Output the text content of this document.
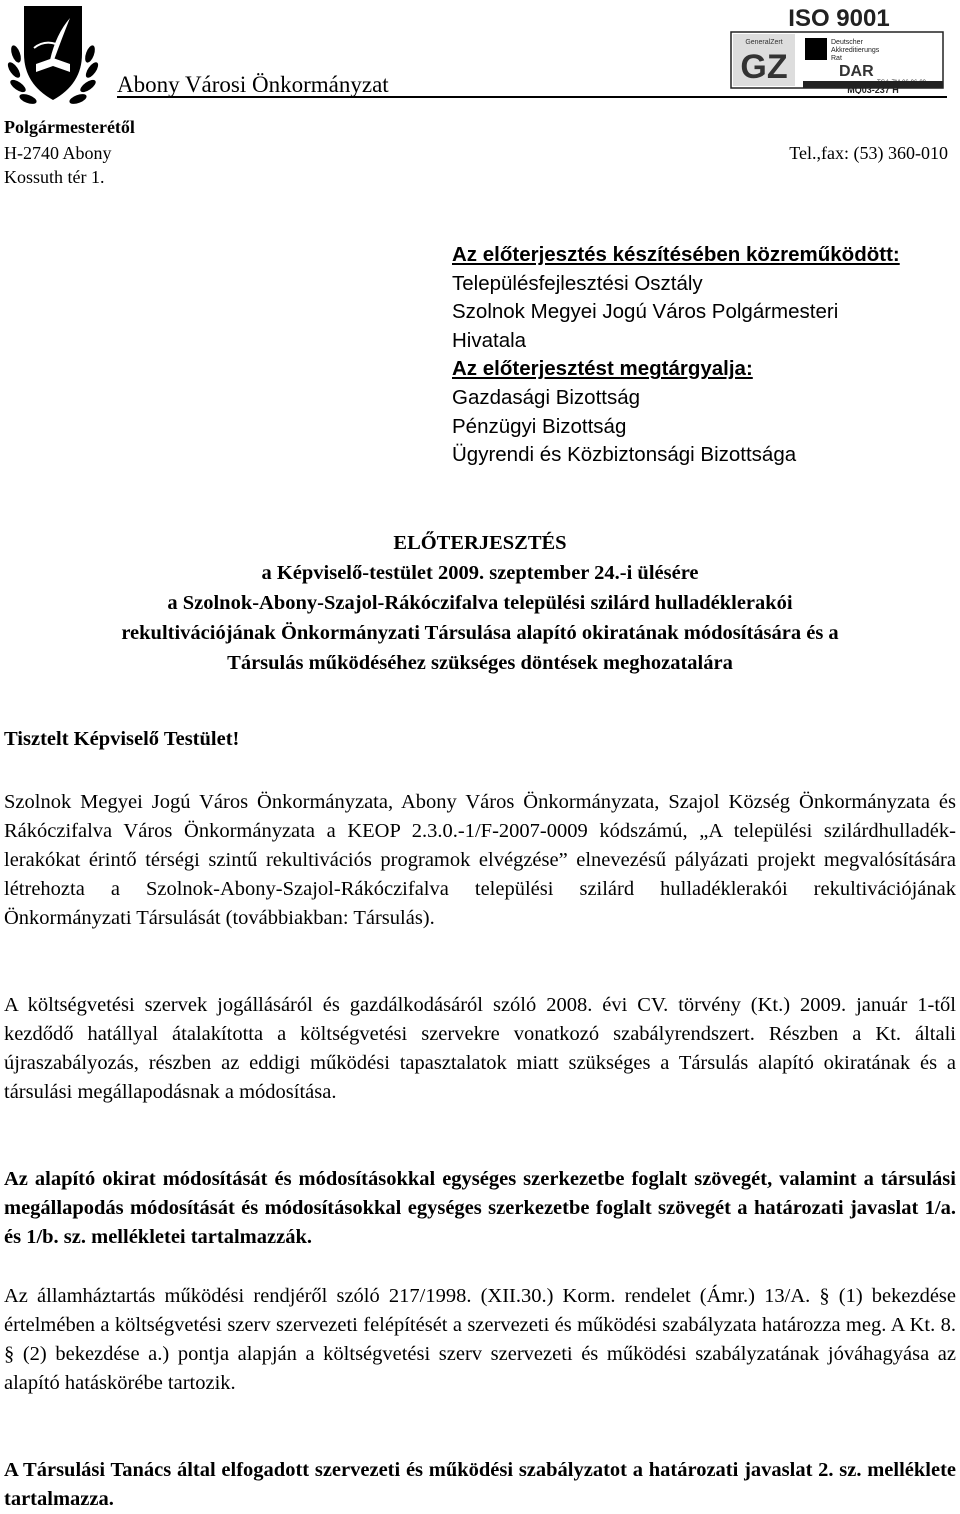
Abony Városi Önkormányzat
ISO 9001
GZ
GeneralZert	Deutscher
Akkreditierungs
Rat
DAR
MQ03-237 H
Polgármesterétől
H-2740 Abony
Kossuth tér 1.
Tel.,fax: (53) 360-010
Az előterjesztés készítésében közreműködött:
Településfejlesztési Osztály
Szolnok Megyei Jogú Város Polgármesteri
Hivatala
Az előterjesztést megtárgyalja:
Gazdasági Bizottság
Pénzügyi Bizottság
Ügyrendi és Közbiztonsági Bizottsága
ELŐTERJESZTÉS
a Képviselő-testület 2009. szeptember 24.-i ülésére
a Szolnok-Abony-Szajol-Rákóczifalva települési szilárd hulladéklerakói
rekultivációjának Önkormányzati Társulása alapító okiratának módosítására és a
Társulás működéséhez szükséges döntések meghozatalára
Tisztelt Képviselő Testület!
Szolnok Megyei Jogú Város Önkormányzata, Abony Város Önkormányzata, Szajol Község Önkormányzata és Rákóczifalva Város Önkormányzata a KEOP 2.3.0.-1/F-2007-0009 kódszámú, „A települési szilárdhulladék-lerakókat érintő térségi szintű rekultivációs programok elvégzése” elnevezésű pályázati projekt megvalósítására létrehozta a Szolnok-Abony-Szajol-Rákóczifalva települési szilárd hulladéklerakói rekultivációjának Önkormányzati Társulását (továbbiakban: Társulás).
A költségvetési szervek jogállásáról és gazdálkodásáról szóló 2008. évi CV. törvény (Kt.) 2009. január 1-től kezdődő hatállyal átalakította a költségvetési szervekre vonatkozó szabályrendszert. Részben a Kt. általi újraszabályozás, részben az eddigi működési tapasztalatok miatt szükséges a Társulás alapító okiratának és a társulási megállapodásnak a módosítása.
Az alapító okirat módosítását és módosításokkal egységes szerkezetbe foglalt szövegét, valamint a társulási megállapodás módosítását és módosításokkal egységes szerkezetbe foglalt szövegét a határozati javaslat 1/a. és 1/b. sz. mellékletei tartalmazzák.
Az államháztartás működési rendjéről szóló 217/1998. (XII.30.) Korm. rendelet (Ámr.) 13/A. § (1) bekezdése értelmében a költségvetési szerv szervezeti felépítését a szervezeti és működési szabályzata határozza meg. A Kt. 8. § (2) bekezdése a.) pontja alapján a költségvetési szerv szervezeti és működési szabályzatának jóváhagyása az alapító hatáskörébe tartozik.
A Társulási Tanács által elfogadott szervezeti és működési szabályzatot a határozati javaslat 2. sz. melléklete tartalmazza.
